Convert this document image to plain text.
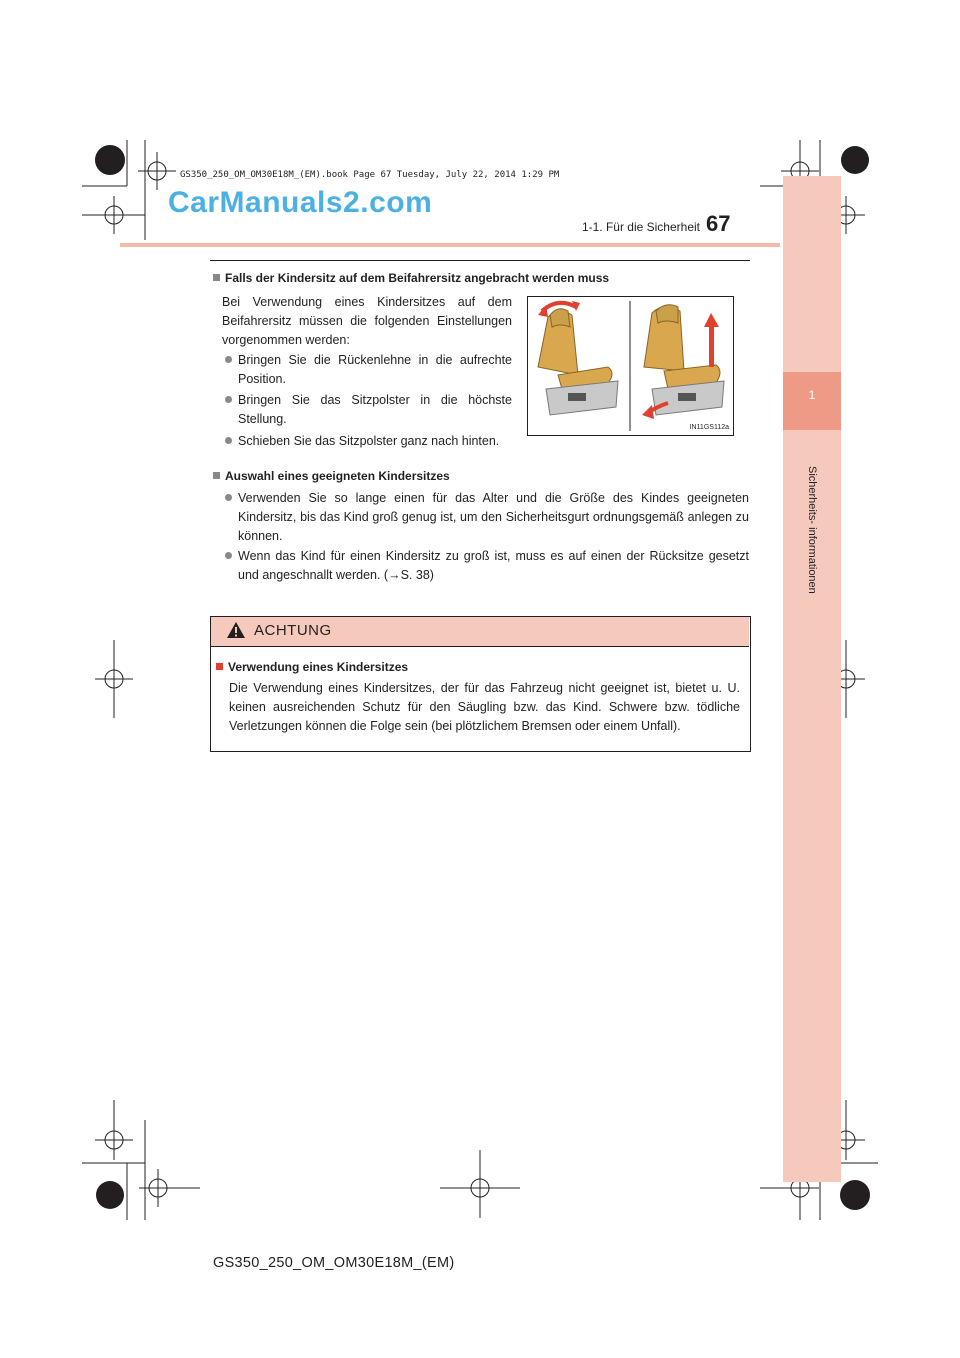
1
Sicherheits- informationen
GS350_250_OM_OM30E18M_(EM).book Page 67 Tuesday, July 22, 2014 1:29 PM
CarManuals2.com
1-1. Für die Sicherheit 67
Falls der Kindersitz auf dem Beifahrersitz angebracht werden muss
Bei Verwendung eines Kindersitzes auf dem Beifahrersitz müssen die folgenden Einstellungen vorgenommen werden:
Bringen Sie die Rückenlehne in die aufrechte Position.
Bringen Sie das Sitzpolster in die höchste Stellung.
Schieben Sie das Sitzpolster ganz nach hinten.
IN11GS112a
Auswahl eines geeigneten Kindersitzes
Verwenden Sie so lange einen für das Alter und die Größe des Kindes geeigneten Kindersitz, bis das Kind groß genug ist, um den Sicherheitsgurt ordnungsgemäß anlegen zu können.
Wenn das Kind für einen Kindersitz zu groß ist, muss es auf einen der Rücksitze gesetzt und angeschnallt werden. (→S. 38)
ACHTUNG
Verwendung eines Kindersitzes
Die Verwendung eines Kindersitzes, der für das Fahrzeug nicht geeignet ist, bietet u. U. keinen ausreichenden Schutz für den Säugling bzw. das Kind. Schwere bzw. tödliche Verletzungen können die Folge sein (bei plötzlichem Bremsen oder einem Unfall).
GS350_250_OM_OM30E18M_(EM)
